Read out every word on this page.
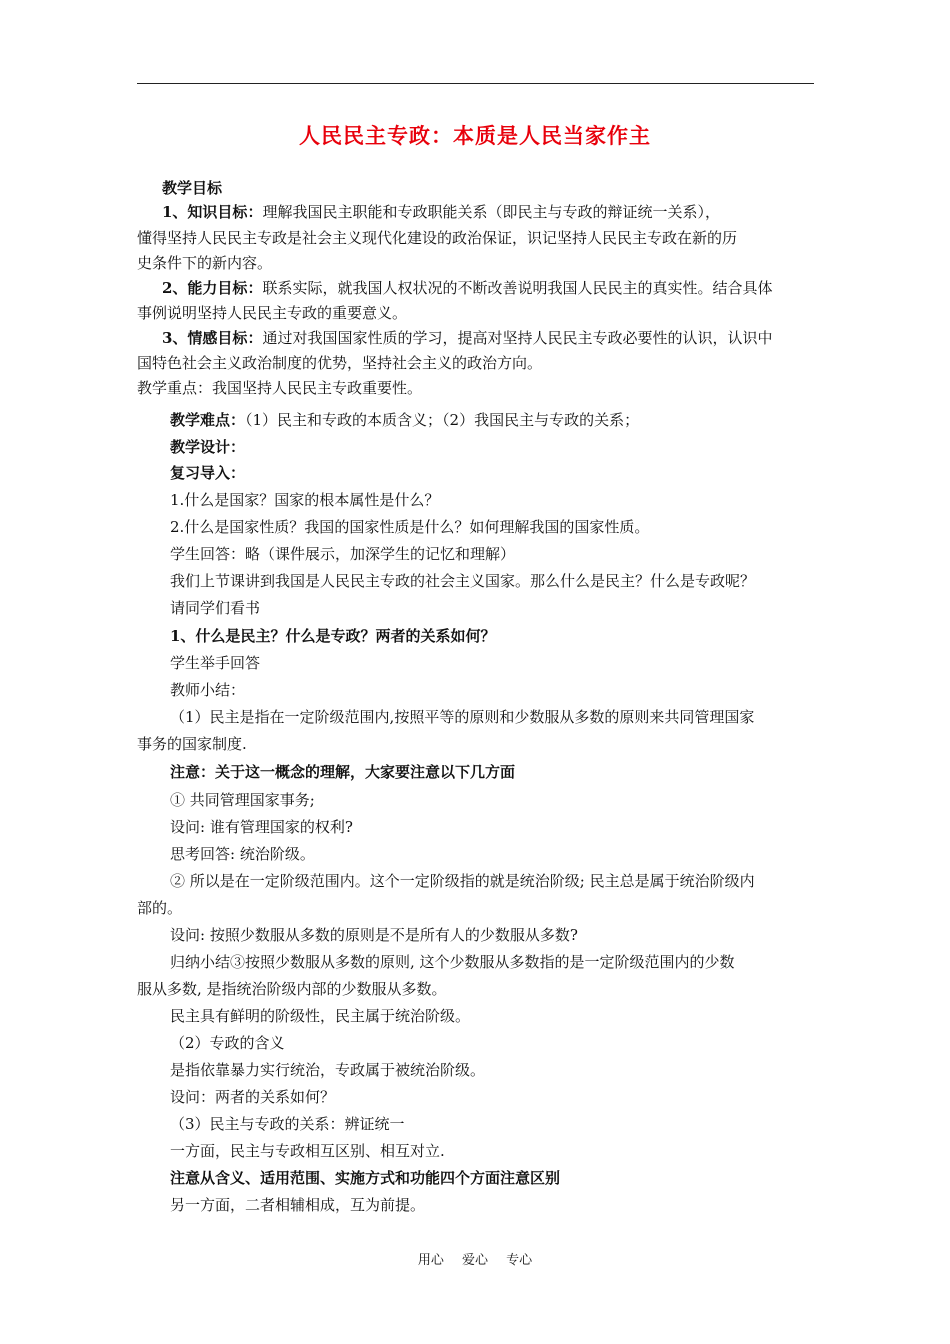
人民民主专政：本质是人民当家作主
教学目标
1、知识目标：理解我国民主职能和专政职能关系（即民主与专政的辩证统一关系），
懂得坚持人民民主专政是社会主义现代化建设的政治保证，识记坚持人民民主专政在新的历
史条件下的新内容。
2、能力目标：联系实际，就我国人权状况的不断改善说明我国人民民主的真实性。结合具体
事例说明坚持人民民主专政的重要意义。
3、情感目标：通过对我国国家性质的学习，提高对坚持人民民主专政必要性的认识，认识中
国特色社会主义政治制度的优势，坚持社会主义的政治方向。
教学重点：我国坚持人民民主专政重要性。
教学难点：（1）民主和专政的本质含义；（2）我国民主与专政的关系；
教学设计：
复习导入：
1.什么是国家？国家的根本属性是什么？
2.什么是国家性质？我国的国家性质是什么？如何理解我国的国家性质。
学生回答：略（课件展示，加深学生的记忆和理解）
我们上节课讲到我国是人民民主专政的社会主义国家。那么什么是民主？什么是专政呢？
请同学们看书
1、什么是民主？什么是专政？两者的关系如何？
学生举手回答
教师小结：
（1）民主是指在一定阶级范围内,按照平等的原则和少数服从多数的原则来共同管理国家
事务的国家制度.
注意：关于这一概念的理解，大家要注意以下几方面
① 共同管理国家事务;
设问: 谁有管理国家的权利?
思考回答: 统治阶级。
② 所以是在一定阶级范围内。这个一定阶级指的就是统治阶级; 民主总是属于统治阶级内
部的。
设问: 按照少数服从多数的原则是不是所有人的少数服从多数?
归纳小结③按照少数服从多数的原则, 这个少数服从多数指的是一定阶级范围内的少数
服从多数, 是指统治阶级内部的少数服从多数。
民主具有鲜明的阶级性，民主属于统治阶级。
（2）专政的含义
是指依靠暴力实行统治，专政属于被统治阶级。
设问：两者的关系如何？
（3）民主与专政的关系：辨证统一
一方面，民主与专政相互区别、相互对立.
注意从含义、适用范围、实施方式和功能四个方面注意区别
另一方面，二者相辅相成，互为前提。
用心 爱心 专心
